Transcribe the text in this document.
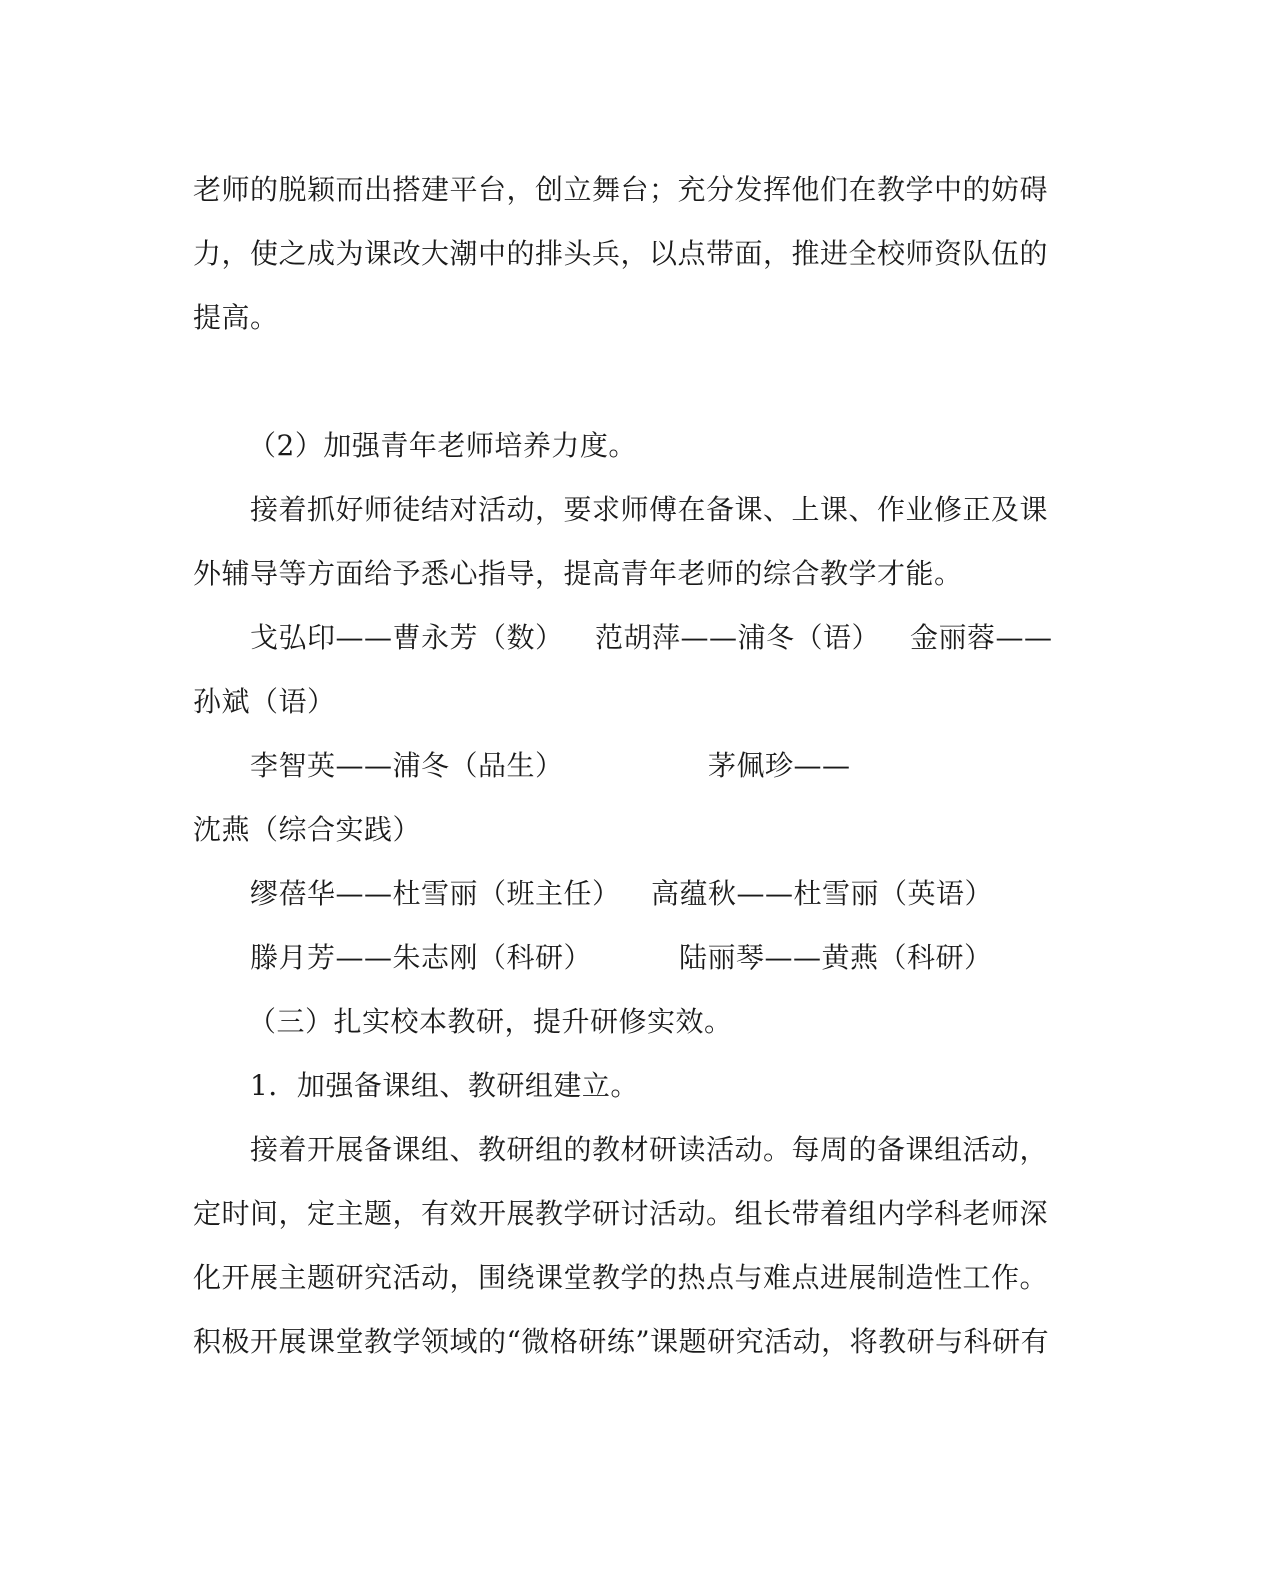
老师的脱颖而出搭建平台，创立舞台；充分发挥他们在教学中的妨碍
力，使之成为课改大潮中的排头兵，以点带面，推进全校师资队伍的
提高。
（2）加强青年老师培养力度。
接着抓好师徒结对活动，要求师傅在备课、上课、作业修正及课
外辅导等方面给予悉心指导，提高青年老师的综合教学才能。
戈弘印——曹永芳（数） 范胡萍——浦冬（语） 金丽蓉——
孙斌（语）
李智英——浦冬（品生）	茅佩珍——
沈燕（综合实践）
缪蓓华——杜雪丽（班主任） 高蕴秋——杜雪丽（英语）
滕月芳——朱志刚（科研）	陆丽琴——黄燕（科研）
（三）扎实校本教研，提升研修实效。
1．加强备课组、教研组建立。
接着开展备课组、教研组的教材研读活动。每周的备课组活动，
定时间，定主题，有效开展教学研讨活动。组长带着组内学科老师深
化开展主题研究活动，围绕课堂教学的热点与难点进展制造性工作。
积极开展课堂教学领域的“微格研练”课题研究活动，将教研与科研有
